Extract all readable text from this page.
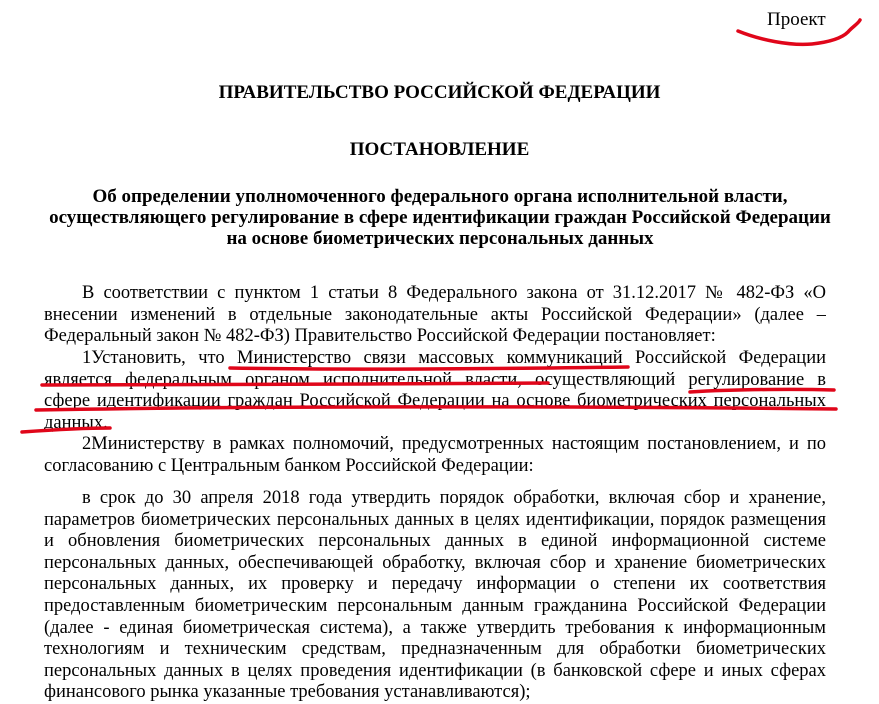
Проект
ПРАВИТЕЛЬСТВО РОССИЙСКОЙ ФЕДЕРАЦИИ
ПОСТАНОВЛЕНИЕ
Об определении уполномоченного федерального органа исполнительной власти,
осуществляющего регулирование в сфере идентификации граждан Российской Федерации
на основе биометрических персональных данных
В соответствии с пунктом 1 статьи 8 Федерального закона от 31.12.2017 № 482-ФЗ «О
внесении изменений в отдельные законодательные акты Российской Федерации» (далее –
Федеральный закон № 482-ФЗ) Правительство Российской Федерации постановляет:
1Установить, что Министерство связи массовых коммуникаций Российской Федерации
является федеральным органом исполнительной власти, осуществляющий регулирование в
сфере идентификации граждан Российской Федерации на основе биометрических персональных
данных.
2Министерству в рамках полномочий, предусмотренных настоящим постановлением, и по
согласованию с Центральным банком Российской Федерации:
в срок до 30 апреля 2018 года утвердить порядок обработки, включая сбор и хранение,
параметров биометрических персональных данных в целях идентификации, порядок размещения
и обновления биометрических персональных данных в единой информационной системе
персональных данных, обеспечивающей обработку, включая сбор и хранение биометрических
персональных данных, их проверку и передачу информации о степени их соответствия
предоставленным биометрическим персональным данным гражданина Российской Федерации
(далее - единая биометрическая система), а также утвердить требования к информационным
технологиям и техническим средствам, предназначенным для обработки биометрических
персональных данных в целях проведения идентификации (в банковской сфере и иных сферах
финансового рынка указанные требования устанавливаются);
